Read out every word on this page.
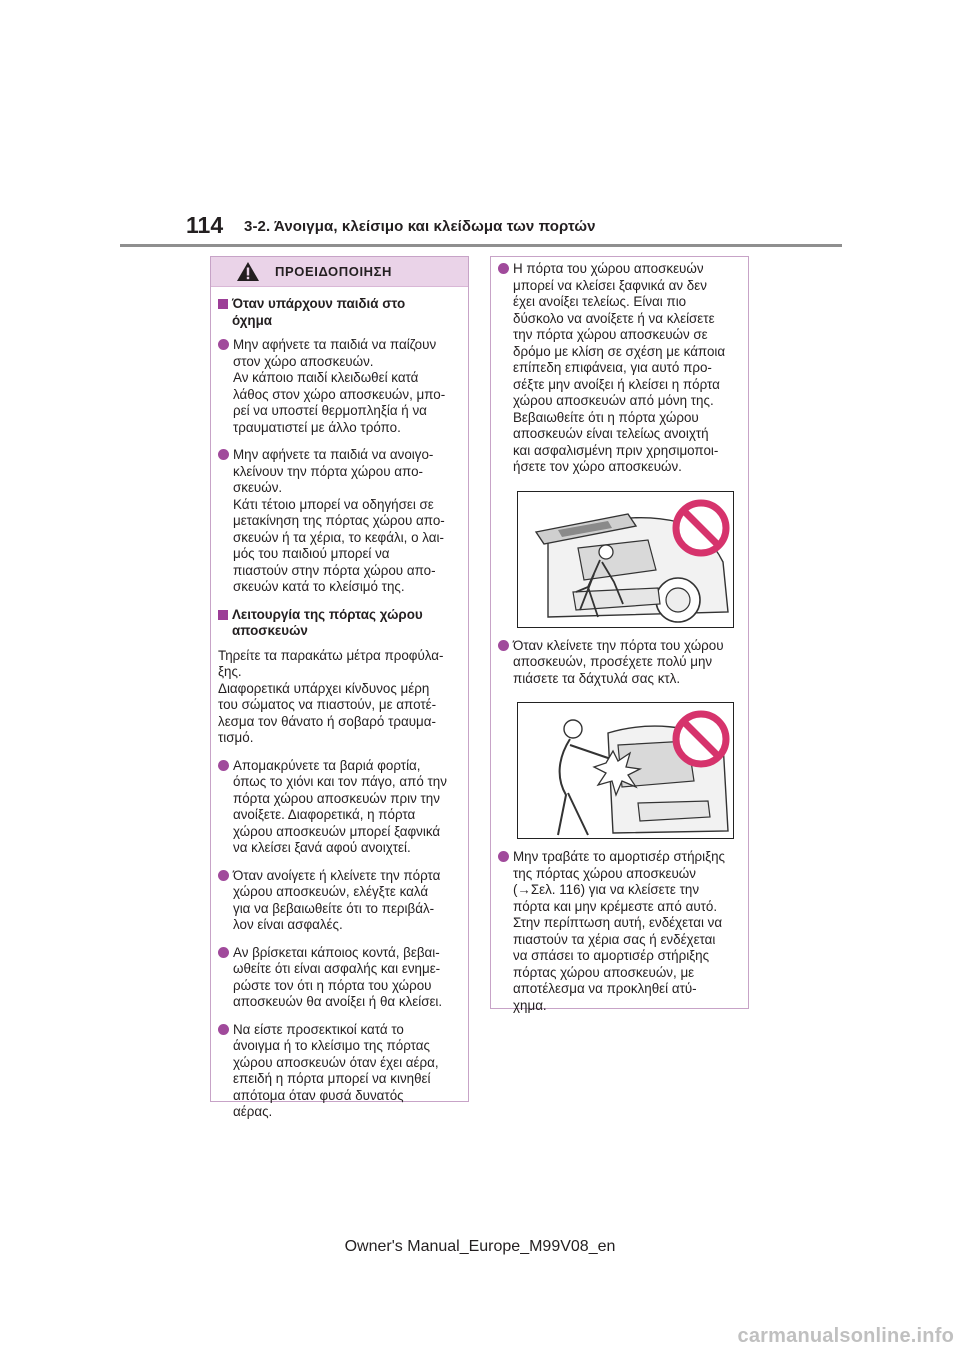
114 3-2. Άνοιγμα, κλείσιμο και κλείδωμα των πορτών
ΠΡΟΕΙΔΟΠΟΙΗΣΗ
Όταν υπάρχουν παιδιά στο
όχημα
Μην αφήνετε τα παιδιά να παίζουν
στον χώρο αποσκευών.
Αν κάποιο παιδί κλειδωθεί κατά
λάθος στον χώρο αποσκευών, μπο-
ρεί να υποστεί θερμοπληξία ή να
τραυματιστεί με άλλο τρόπο.
Μην αφήνετε τα παιδιά να ανοιγο-
κλείνουν την πόρτα χώρου απο-
σκευών.
Κάτι τέτοιο μπορεί να οδηγήσει σε
μετακίνηση της πόρτας χώρου απο-
σκευών ή τα χέρια, το κεφάλι, ο λαι-
μός του παιδιού μπορεί να
πιαστούν στην πόρτα χώρου απο-
σκευών κατά το κλείσιμό της.
Λειτουργία της πόρτας χώρου
αποσκευών
Τηρείτε τα παρακάτω μέτρα προφύλα-
ξης.
Διαφορετικά υπάρχει κίνδυνος μέρη
του σώματος να πιαστούν, με αποτέ-
λεσμα τον θάνατο ή σοβαρό τραυμα-
τισμό.
Απομακρύνετε τα βαριά φορτία,
όπως το χιόνι και τον πάγο, από την
πόρτα χώρου αποσκευών πριν την
ανοίξετε. Διαφορετικά, η πόρτα
χώρου αποσκευών μπορεί ξαφνικά
να κλείσει ξανά αφού ανοιχτεί.
Όταν ανοίγετε ή κλείνετε την πόρτα
χώρου αποσκευών, ελέγξτε καλά
για να βεβαιωθείτε ότι το περιβάλ-
λον είναι ασφαλές.
Αν βρίσκεται κάποιος κοντά, βεβαι-
ωθείτε ότι είναι ασφαλής και ενημε-
ρώστε τον ότι η πόρτα του χώρου
αποσκευών θα ανοίξει ή θα κλείσει.
Να είστε προσεκτικοί κατά το
άνοιγμα ή το κλείσιμο της πόρτας
χώρου αποσκευών όταν έχει αέρα,
επειδή η πόρτα μπορεί να κινηθεί
απότομα όταν φυσά δυνατός
αέρας.
Η πόρτα του χώρου αποσκευών
μπορεί να κλείσει ξαφνικά αν δεν
έχει ανοίξει τελείως. Είναι πιο
δύσκολο να ανοίξετε ή να κλείσετε
την πόρτα χώρου αποσκευών σε
δρόμο με κλίση σε σχέση με κάποια
επίπεδη επιφάνεια, για αυτό προ-
σέξτε μην ανοίξει ή κλείσει η πόρτα
χώρου αποσκευών από μόνη της.
Βεβαιωθείτε ότι η πόρτα χώρου
αποσκευών είναι τελείως ανοιχτή
και ασφαλισμένη πριν χρησιμοποι-
ήσετε τον χώρο αποσκευών.
Όταν κλείνετε την πόρτα του χώρου
αποσκευών, προσέχετε πολύ μην
πιάσετε τα δάχτυλά σας κτλ.
Μην τραβάτε το αμορτισέρ στήριξης
της πόρτας χώρου αποσκευών
(→Σελ. 116) για να κλείσετε την
πόρτα και μην κρέμεστε από αυτό.
Στην περίπτωση αυτή, ενδέχεται να
πιαστούν τα χέρια σας ή ενδέχεται
να σπάσει το αμορτισέρ στήριξης
πόρτας χώρου αποσκευών, με
αποτέλεσμα να προκληθεί ατύ-
χημα.
Owner's Manual_Europe_M99V08_en
carmanualsonline.info
